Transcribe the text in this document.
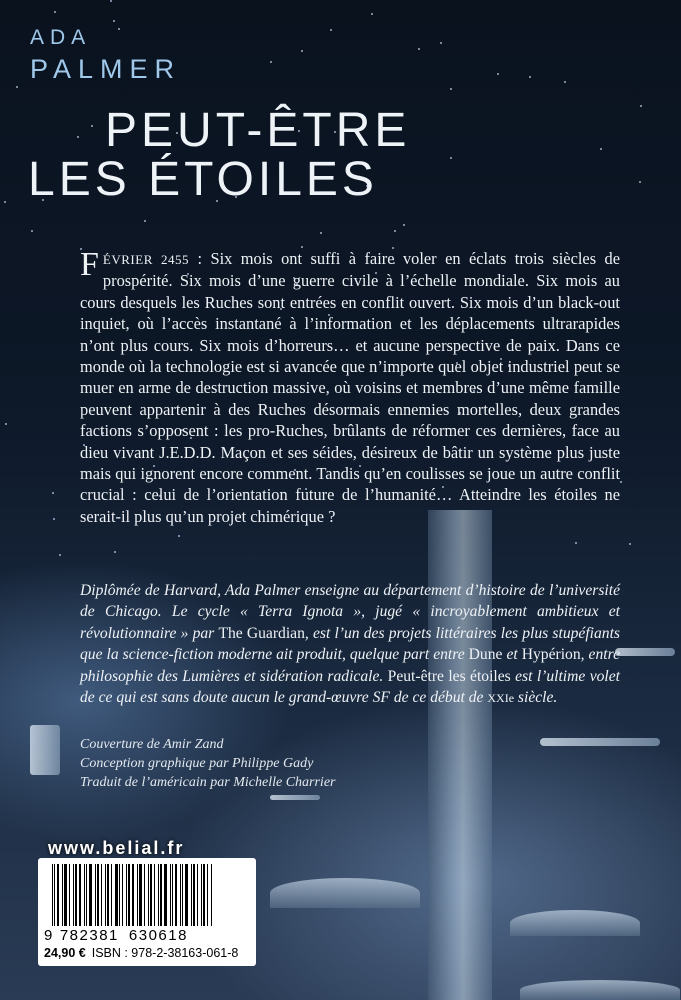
ADA
PALMER
PEUT-ÊTRE
LES ÉTOILES
FÉVRIER 2455 : Six mois ont suffi à faire voler en éclats trois siècles de prospérité. Six mois d’une guerre civile à l’échelle mondiale. Six mois au cours desquels les Ruches sont entrées en conflit ouvert. Six mois d’un black-out inquiet, où l’accès instantané à l’information et les déplacements ultrarapides n’ont plus cours. Six mois d’horreurs… et aucune perspective de paix. Dans ce monde où la technologie est si avancée que n’importe quel objet industriel peut se muer en arme de destruction massive, où voisins et membres d’une même famille peuvent appartenir à des Ruches désormais ennemies mortelles, deux grandes factions s’opposent : les pro-Ruches, brûlants de réformer ces dernières, face au dieu vivant J.E.D.D. Maçon et ses séides, désireux de bâtir un système plus juste mais qui ignorent encore comment. Tandis qu’en coulisses se joue un autre conflit crucial : celui de l’orientation future de l’humanité… Atteindre les étoiles ne serait-il plus qu’un projet chimérique ?
Diplômée de Harvard, Ada Palmer enseigne au département d’histoire de l’université de Chicago. Le cycle « Terra Ignota », jugé « incroyablement ambitieux et révolutionnaire » par The Guardian, est l’un des projets littéraires les plus stupéfiants que la science-fiction moderne ait produit, quelque part entre Dune et Hypérion, entre philosophie des Lumières et sidération radicale. Peut-être les étoiles est l’ultime volet de ce qui est sans doute aucun le grand-œuvre SF de ce début de XXIe siècle.
Couverture de Amir Zand
Conception graphique par Philippe Gady
Traduit de l’américain par Michelle Charrier
www.belial.fr
9 782381 630618
24,90 € ISBN : 978-2-38163-061-8
